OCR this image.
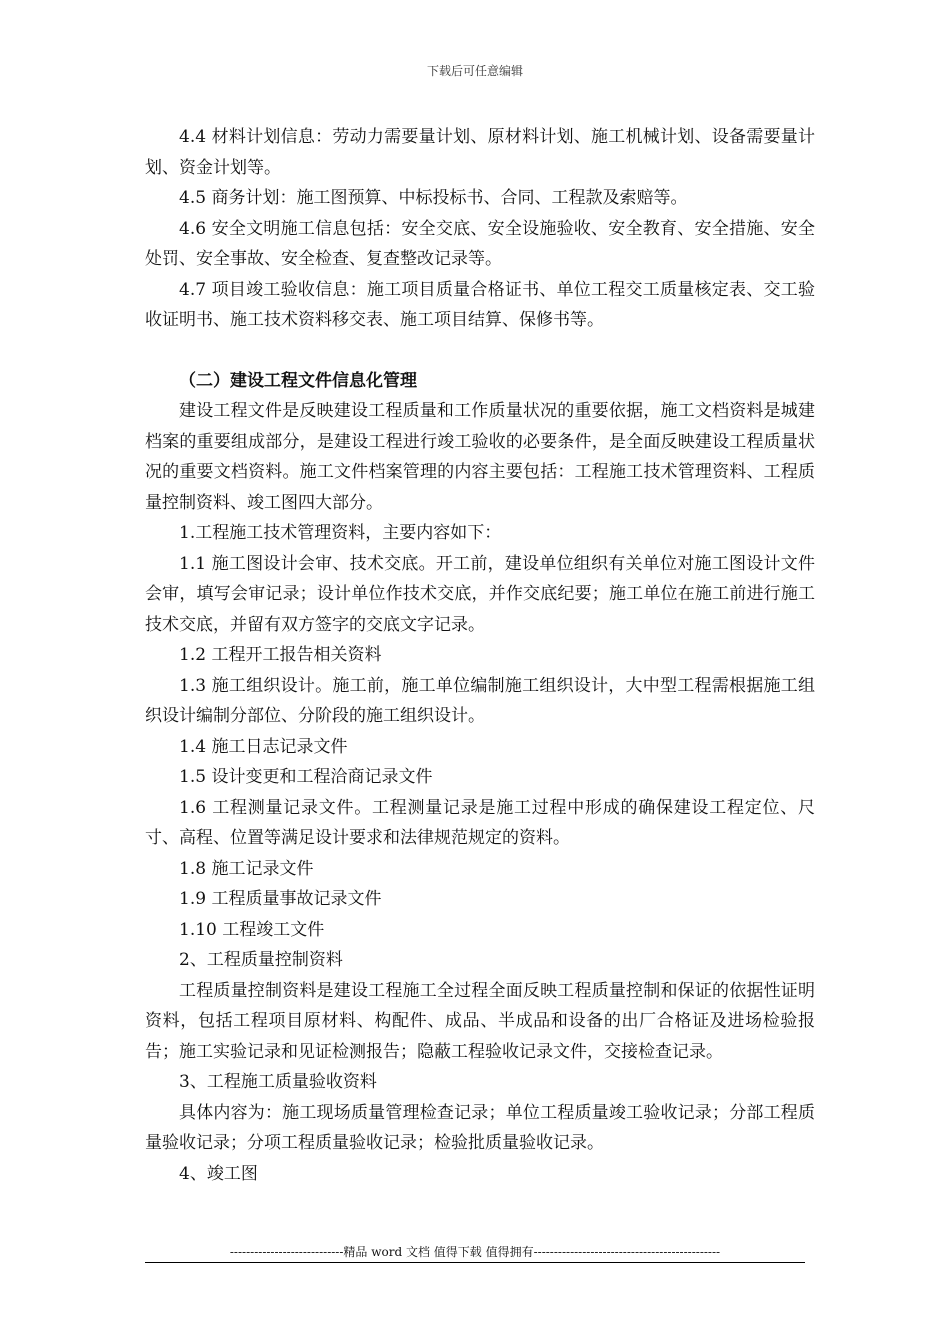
下载后可任意编辑

4.4 材料计划信息：劳动力需要量计划、原材料计划、施工机械计划、设备需要量计划、资金计划等。

4.5 商务计划：施工图预算、中标投标书、合同、工程款及索赔等。

4.6 安全文明施工信息包括：安全交底、安全设施验收、安全教育、安全措施、安全处罚、安全事故、安全检查、复查整改记录等。

4.7 项目竣工验收信息：施工项目质量合格证书、单位工程交工质量核定表、交工验收证明书、施工技术资料移交表、施工项目结算、保修书等。

（二）建设工程文件信息化管理

建设工程文件是反映建设工程质量和工作质量状况的重要依据，施工文档资料是城建档案的重要组成部分，是建设工程进行竣工验收的必要条件，是全面反映建设工程质量状况的重要文档资料。施工文件档案管理的内容主要包括：工程施工技术管理资料、工程质量控制资料、竣工图四大部分。

1.工程施工技术管理资料，主要内容如下：

1.1 施工图设计会审、技术交底。开工前，建设单位组织有关单位对施工图设计文件会审，填写会审记录；设计单位作技术交底，并作交底纪要；施工单位在施工前进行施工技术交底，并留有双方签字的交底文字记录。

1.2 工程开工报告相关资料

1.3 施工组织设计。施工前，施工单位编制施工组织设计，大中型工程需根据施工组织设计编制分部位、分阶段的施工组织设计。

1.4 施工日志记录文件

1.5 设计变更和工程洽商记录文件

1.6 工程测量记录文件。工程测量记录是施工过程中形成的确保建设工程定位、尺寸、高程、位置等满足设计要求和法律规范规定的资料。

1.8 施工记录文件

1.9 工程质量事故记录文件

1.10 工程竣工文件

2、工程质量控制资料

工程质量控制资料是建设工程施工全过程全面反映工程质量控制和保证的依据性证明资料，包括工程项目原材料、构配件、成品、半成品和设备的出厂合格证及进场检验报告；施工实验记录和见证检测报告；隐蔽工程验收记录文件，交接检查记录。

3、工程施工质量验收资料

具体内容为：施工现场质量管理检查记录；单位工程质量竣工验收记录；分部工程质量验收记录；分项工程质量验收记录；检验批质量验收记录。

4、竣工图

----------------------------精品 word 文档 值得下载 值得拥有----------------------------------------------
